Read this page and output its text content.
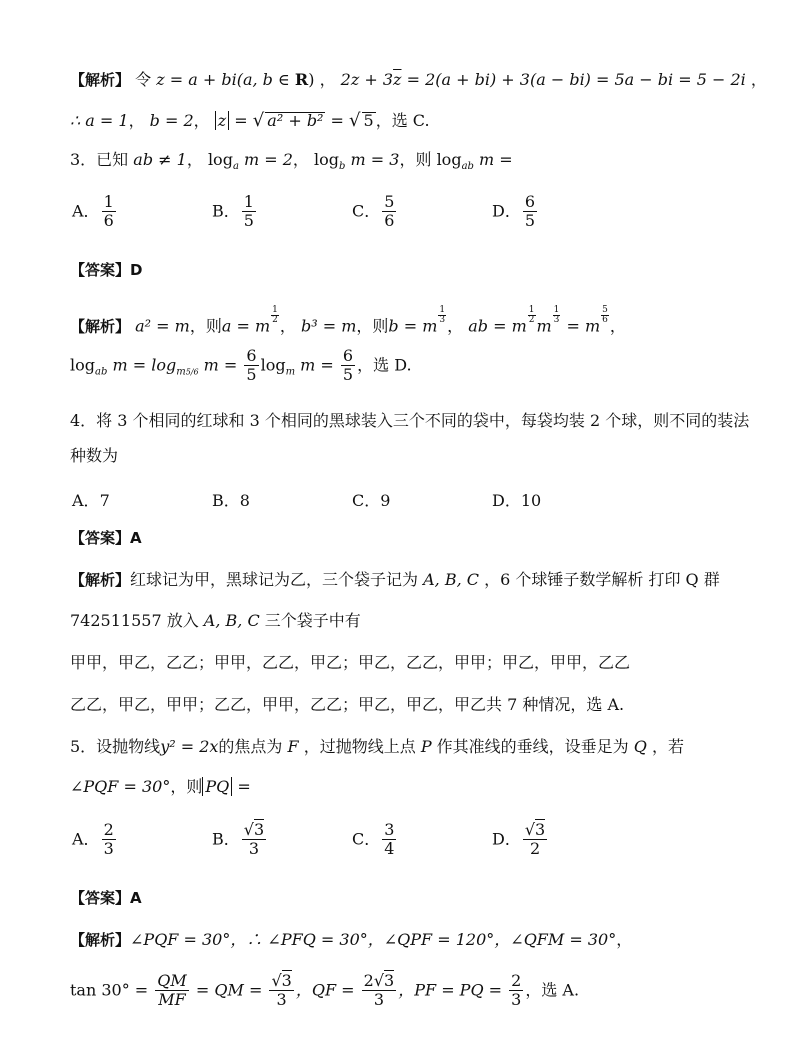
【解析】 令 z = a + bi(a, b ∈ R) ， $2z + 3\overline{z} = 2(a + bi) + 3(a - bi) = 5a$ − bi = 5 − 2i ，
∴ a = 1， b = 2， z = √ a² + b² = √ 5 ，选 C.
3．已知 ab ≠ 1， $\log_a m = 2$， $\log_b m = 3$，则 $\log_{ab} m$ =
A． $\frac{1}{6}$	B． $\frac{1}{5}$	C． $\frac{5}{6}$	D． $\frac{6}{5}$
【答案】D
【解析】 a² = m，则a = m
$\frac{1}{2}$
， b³ = m，则b = m
$\frac{1}{3}$
， ab = m
$\frac{1}{2}$
m
$\frac{1}{3}$
= m
$\frac{5}{6}$
，
$\log_{ab} m = \log_{m5/6} m = \frac{6}{5} \log_m m = \frac{6}{5}$ ，选 D.
4．将 3 个相同的红球和 3 个相同的黑球装入三个不同的袋中，每袋均装 2 个球，则不同的装法
种数为
A．7	B．8	C．9	D．10
【答案】A
【解析】红球记为甲，黑球记为乙，三个袋子记为 A, B, C ，6 个球锤子数学解析 打印 Q 群
742511557 放入 A, B, C 三个袋子中有
甲甲，甲乙，乙乙；甲甲，乙乙，甲乙；甲乙，乙乙，甲甲；甲乙，甲甲，乙乙
乙乙，甲乙，甲甲；乙乙，甲甲，乙乙；甲乙，甲乙，甲乙共 7 种情况，选 A.
5．设抛物线y² = 2x的焦点为 F ，过抛物线上点 P 作其准线的垂线，设垂足为 Q ，若
∠PQF = 30°，则 PQ =
A． $\frac{2}{3}$	B． $\frac{√3}{3}$	C． $\frac{3}{4}$	D． $\frac{√3}{2}$
【答案】A
【解析】∠PQF = 30°，∴ ∠PFQ = 30°，∠QPF = 120°，∠QFM = 30°，
$\tan 30^\circ = \frac{QM}{MF}$ = QM = $\frac{√3}{3}$ ，QF = $\frac{2√3}{3}$ ，PF = PQ = $\frac{2}{3}$ ，选 A.
